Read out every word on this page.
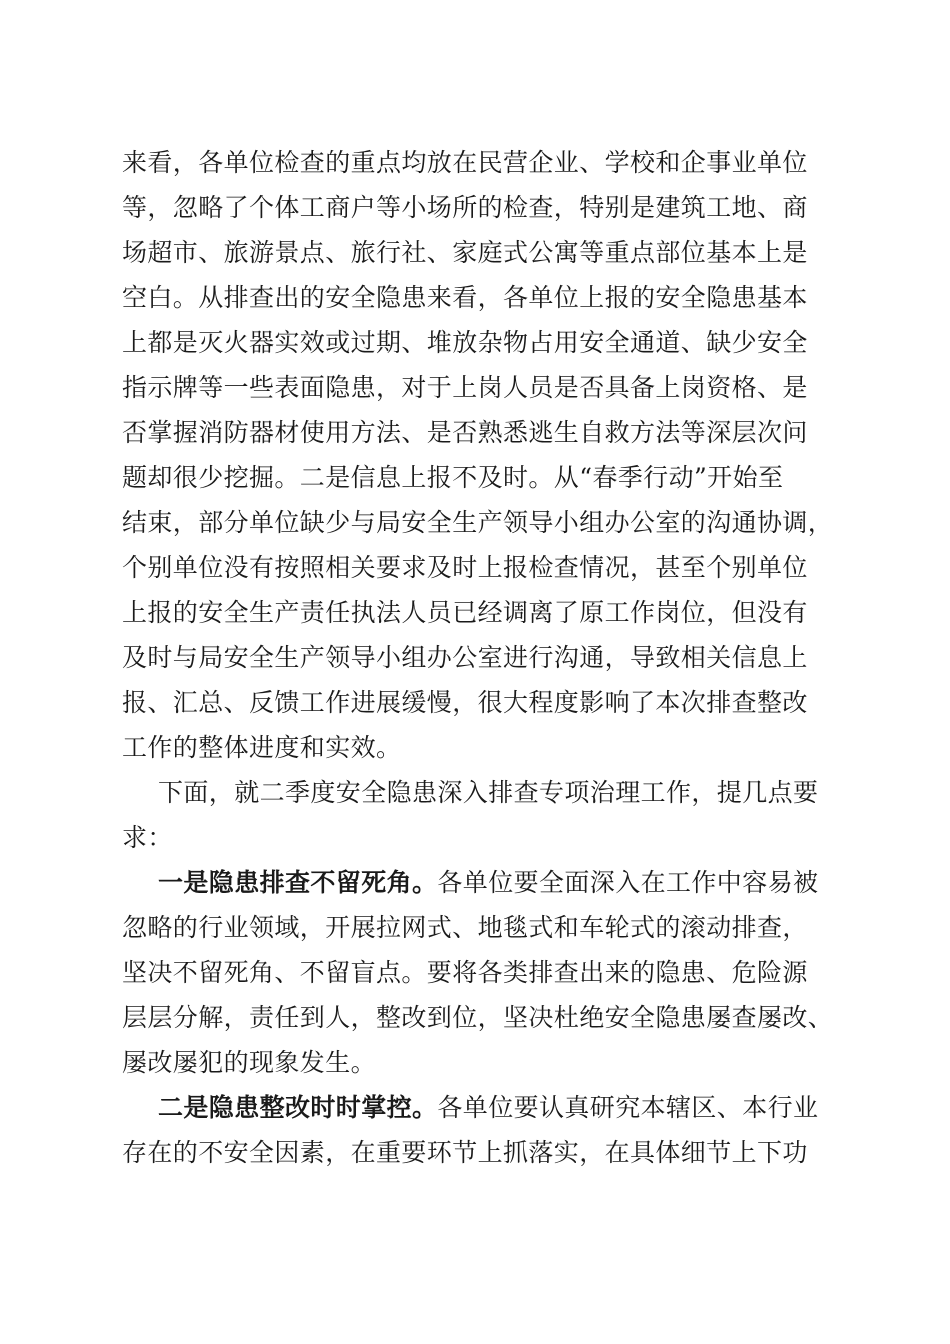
来看，各单位检查的重点均放在民营企业、学校和企事业单位
等，忽略了个体工商户等小场所的检查，特别是建筑工地、商
场超市、旅游景点、旅行社、家庭式公寓等重点部位基本上是
空白。从排查出的安全隐患来看，各单位上报的安全隐患基本
上都是灭火器实效或过期、堆放杂物占用安全通道、缺少安全
指示牌等一些表面隐患，对于上岗人员是否具备上岗资格、是
否掌握消防器材使用方法、是否熟悉逃生自救方法等深层次问
题却很少挖掘。二是信息上报不及时。从“春季行动”开始至
结束，部分单位缺少与局安全生产领导小组办公室的沟通协调，
个别单位没有按照相关要求及时上报检查情况，甚至个别单位
上报的安全生产责任执法人员已经调离了原工作岗位，但没有
及时与局安全生产领导小组办公室进行沟通，导致相关信息上
报、汇总、反馈工作进展缓慢，很大程度影响了本次排查整改
工作的整体进度和实效。
下面，就二季度安全隐患深入排查专项治理工作，提几点要
求：
一是隐患排查不留死角。各单位要全面深入在工作中容易被
忽略的行业领域，开展拉网式、地毯式和车轮式的滚动排查，
坚决不留死角、不留盲点。要将各类排查出来的隐患、危险源
层层分解，责任到人，整改到位，坚决杜绝安全隐患屡查屡改、
屡改屡犯的现象发生。
二是隐患整改时时掌控。各单位要认真研究本辖区、本行业
存在的不安全因素，在重要环节上抓落实，在具体细节上下功
